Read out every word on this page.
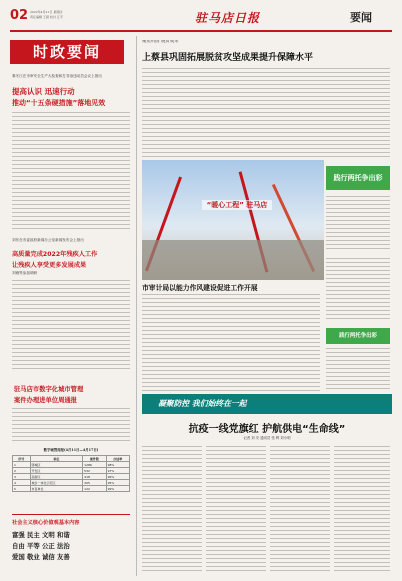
02 2022年4月21日 星期四
责任编辑 王颖 校对 江平	驻马店日报	要闻
时政要闻
秦冬江在市审安全生产大检查和打非治违动员会议上指出
提高认识 迅速行动
推动“十五条硬措施”落地见效
刘东在市委政府新闻办公室新闻发布会上指出
高质量完成2022年残疾人工作
让残疾人享受更多发展成果
刘雍等参加调研
驻马店市数字化城市管理
案件办理进单位周通报
数字城管周报(4月11日—4月17日)
序号	单位	案件数	办结率
1	驿城区	1286	98%
2	开发区	532	97%
3	高新区	418	96%
4	城乡一体化示范区	305	95%
5	市直单位	122	99%
社会主义核心价值观基本内容
富强 民主 文明 和谐
自由 平等 公正 法治
爱国 敬业 诚信 友善
聚焦巩固 脱贫成果
上蔡县巩固拓展脱贫攻坚成果提升保障水平
“暖心工程” 驻马店
践行两托争出彩
市审计局以能力作风建设促进工作开展
践行两托争出彩
凝聚防控 我们始终在一起
抗疫一线党旗红 护航供电“生命线”
记者 刘 安 通讯员 张 辉 刘小明
